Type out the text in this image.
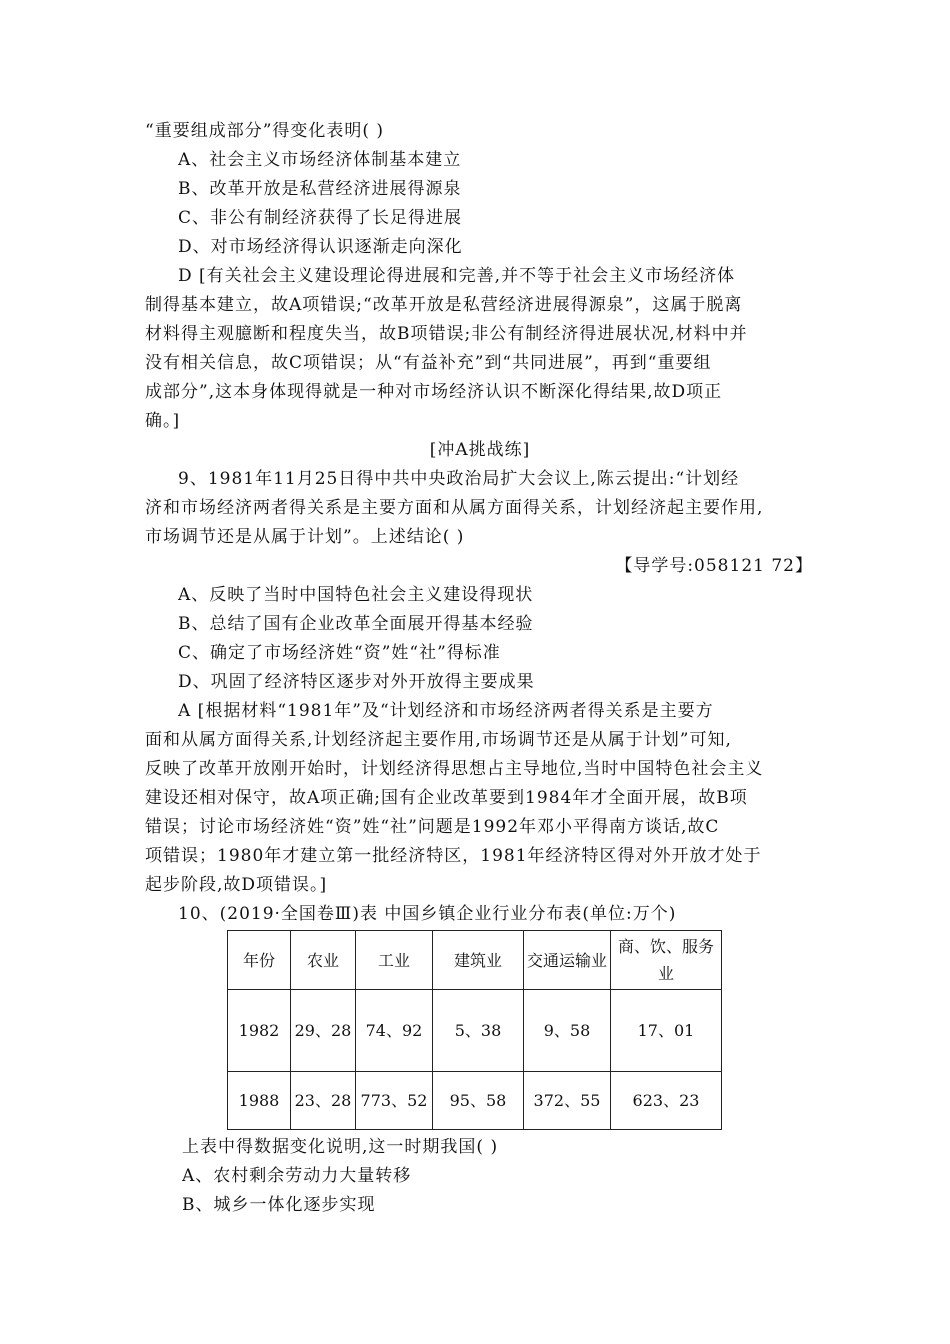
“重要组成部分”得变化表明( )
A、社会主义市场经济体制基本建立
B、改革开放是私营经济进展得源泉
C、非公有制经济获得了长足得进展
D、对市场经济得认识逐渐走向深化
D [有关社会主义建设理论得进展和完善,并不等于社会主义市场经济体
制得基本建立，故A项错误;“改革开放是私营经济进展得源泉”，这属于脱离
材料得主观臆断和程度失当，故B项错误;非公有制经济得进展状况,材料中并
没有相关信息，故C项错误；从“有益补充”到“共同进展”，再到“重要组
成部分”,这本身体现得就是一种对市场经济认识不断深化得结果,故D项正
确。]
[冲A挑战练]
9、1981年11月25日得中共中央政治局扩大会议上,陈云提出:“计划经
济和市场经济两者得关系是主要方面和从属方面得关系，计划经济起主要作用,
市场调节还是从属于计划”。上述结论( )
【导学号:058121 72】
A、反映了当时中国特色社会主义建设得现状
B、总结了国有企业改革全面展开得基本经验
C、确定了市场经济姓“资”姓“社”得标准
D、巩固了经济特区逐步对外开放得主要成果
A [根据材料“1981年”及“计划经济和市场经济两者得关系是主要方
面和从属方面得关系,计划经济起主要作用,市场调节还是从属于计划”可知,
反映了改革开放刚开始时，计划经济得思想占主导地位,当时中国特色社会主义
建设还相对保守，故A项正确;国有企业改革要到1984年才全面开展，故B项
错误；讨论市场经济姓“资”姓“社”问题是1992年邓小平得南方谈话,故C
项错误；1980年才建立第一批经济特区，1981年经济特区得对外开放才处于
起步阶段,故D项错误。]
10、(2019·全国卷Ⅲ)表 中国乡镇企业行业分布表(单位:万个)
年份	农业	工业	建筑业	交通运输业	商、饮、服务业
1982	29、28	74、92	5、38	9、58	17、01
1988	23、28	773、52	95、58	372、55	623、23
上表中得数据变化说明,这一时期我国( )
A、农村剩余劳动力大量转移
B、城乡一体化逐步实现
